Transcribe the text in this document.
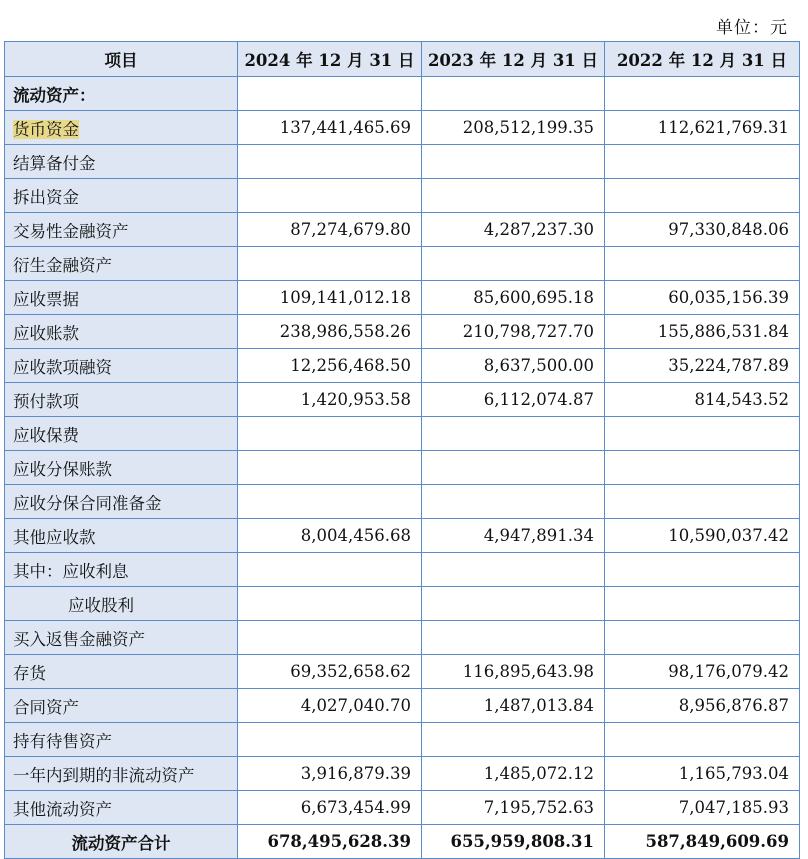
单位：元
项目	2024 年 12 月 31 日	2023 年 12 月 31 日	2022 年 12 月 31 日
流动资产：			
货币资金	137,441,465.69	208,512,199.35	112,621,769.31
结算备付金			
拆出资金			
交易性金融资产	87,274,679.80	4,287,237.30	97,330,848.06
衍生金融资产			
应收票据	109,141,012.18	85,600,695.18	60,035,156.39
应收账款	238,986,558.26	210,798,727.70	155,886,531.84
应收款项融资	12,256,468.50	8,637,500.00	35,224,787.89
预付款项	1,420,953.58	6,112,074.87	814,543.52
应收保费			
应收分保账款			
应收分保合同准备金			
其他应收款	8,004,456.68	4,947,891.34	10,590,037.42
其中：应收利息			
应收股利			
买入返售金融资产			
存货	69,352,658.62	116,895,643.98	98,176,079.42
合同资产	4,027,040.70	1,487,013.84	8,956,876.87
持有待售资产			
一年内到期的非流动资产	3,916,879.39	1,485,072.12	1,165,793.04
其他流动资产	6,673,454.99	7,195,752.63	7,047,185.93
流动资产合计	678,495,628.39	655,959,808.31	587,849,609.69
